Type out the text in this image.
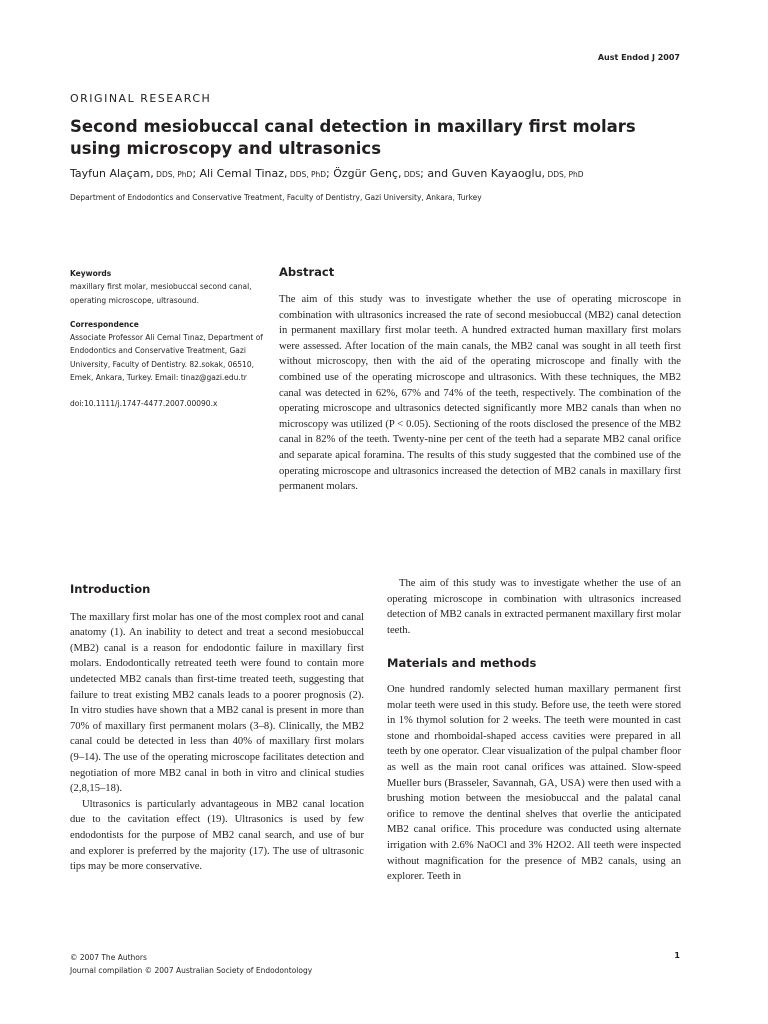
Aust Endod J 2007
ORIGINAL RESEARCH
Second mesiobuccal canal detection in maxillary first molars using microscopy and ultrasonics
Tayfun Alaçam, DDS, PhD; Ali Cemal Tinaz, DDS, PhD; Özgür Genç, DDS; and Guven Kayaoglu, DDS, PhD
Department of Endodontics and Conservative Treatment, Faculty of Dentistry, Gazi University, Ankara, Turkey

Keywords

maxillary first molar, mesiobuccal second canal, operating microscope, ultrasound.

Correspondence

Associate Professor Ali Cemal Tınaz, Department of Endodontics and Conservative Treatment, Gazi University, Faculty of Dentistry. 82.sokak, 06510, Emek, Ankara, Turkey. Email: tinaz@gazi.edu.tr

doi:10.1111/j.1747-4477.2007.00090.x

Abstract

The aim of this study was to investigate whether the use of operating microscope in combination with ultrasonics increased the rate of second mesiobuccal (MB2) canal detection in permanent maxillary first molar teeth. A hundred extracted human maxillary first molars were assessed. After location of the main canals, the MB2 canal was sought in all teeth first without microscopy, then with the aid of the operating microscope and finally with the combined use of the operating microscope and ultrasonics. With these techniques, the MB2 canal was detected in 62%, 67% and 74% of the teeth, respectively. The combination of the operating microscope and ultrasonics detected significantly more MB2 canals than when no microscopy was utilized (P < 0.05). Sectioning of the roots disclosed the presence of the MB2 canal in 82% of the teeth. Twenty-nine per cent of the teeth had a separate MB2 canal orifice and separate apical foramina. The results of this study suggested that the combined use of the operating microscope and ultrasonics increased the detection of MB2 canals in maxillary first permanent molars.

Introduction

The maxillary first molar has one of the most complex root and canal anatomy (1). An inability to detect and treat a second mesiobuccal (MB2) canal is a reason for endodontic failure in maxillary first molars. Endodontically retreated teeth were found to contain more undetected MB2 canals than first-time treated teeth, suggesting that failure to treat existing MB2 canals leads to a poorer prognosis (2). In vitro studies have shown that a MB2 canal is present in more than 70% of maxillary first permanent molars (3–8). Clinically, the MB2 canal could be detected in less than 40% of maxillary first molars (9–14). The use of the operating microscope facilitates detection and negotiation of more MB2 canal in both in vitro and clinical studies (2,8,15–18).

Ultrasonics is particularly advantageous in MB2 canal location due to the cavitation effect (19). Ultrasonics is used by few endodontists for the purpose of MB2 canal search, and use of bur and explorer is preferred by the majority (17). The use of ultrasonic tips may be more conservative.

The aim of this study was to investigate whether the use of an operating microscope in combination with ultrasonics increased detection of MB2 canals in extracted permanent maxillary first molar teeth.

Materials and methods

One hundred randomly selected human maxillary permanent first molar teeth were used in this study. Before use, the teeth were stored in 1% thymol solution for 2 weeks. The teeth were mounted in cast stone and rhomboidal-shaped access cavities were prepared in all teeth by one operator. Clear visualization of the pulpal chamber floor as well as the main root canal orifices was attained. Slow-speed Mueller burs (Brasseler, Savannah, GA, USA) were then used with a brushing motion between the mesiobuccal and the palatal canal orifice to remove the dentinal shelves that overlie the anticipated MB2 canal orifice. This procedure was conducted using alternate irrigation with 2.6% NaOCl and 3% H2O2. All teeth were inspected without magnification for the presence of MB2 canals, using an explorer. Teeth in

© 2007 The Authors
Journal compilation © 2007 Australian Society of Endodontology
1
